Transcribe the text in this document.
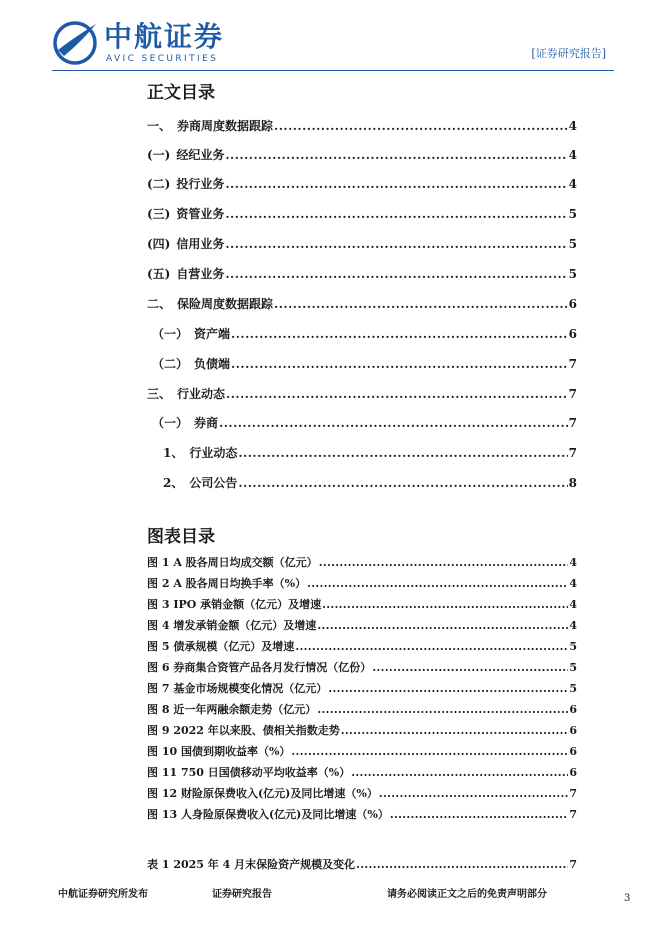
AVIC 中航证券
AVIC SECURITIES	[证券研究报告]
正文目录
一、 券商周度数据跟踪 .....	4
(一) 经纪业务 .....	4
(二) 投行业务 .....	4
(三) 资管业务 .....	5
(四) 信用业务 .....	5
(五) 自营业务 .....	5
二、 保险周度数据跟踪 .....	6
（一） 资产端 .....	6
（二） 负债端 .....	7
三、 行业动态 .....	7
（一） 券商 .....	7
1、 行业动态 .....	7
2、 公司公告 .....	8
图表目录
图 1 A 股各周日均成交额（亿元） .....	4
图 2 A 股各周日均换手率（%） .....	4
图 3 IPO 承销金额（亿元）及增速 .....	4
图 4 增发承销金额（亿元）及增速 .....	4
图 5 债承规模（亿元）及增速 .....	5
图 6 券商集合资管产品各月发行情况（亿份） .....	5
图 7 基金市场规模变化情况（亿元） .....	5
图 8 近一年两融余额走势（亿元） .....	6
图 9 2022 年以来股、债相关指数走势 .....	6
图 10 国债到期收益率（%） .....	6
图 11 750 日国债移动平均收益率（%） .....	6
图 12 财险原保费收入(亿元)及同比增速（%） .....	7
图 13 人身险原保费收入(亿元)及同比增速（%） .....	7
表 1 2025 年 4 月末保险资产规模及变化 .....	7
中航证券研究所发布	证券研究报告	请务必阅读正文之后的免责声明部分	3
